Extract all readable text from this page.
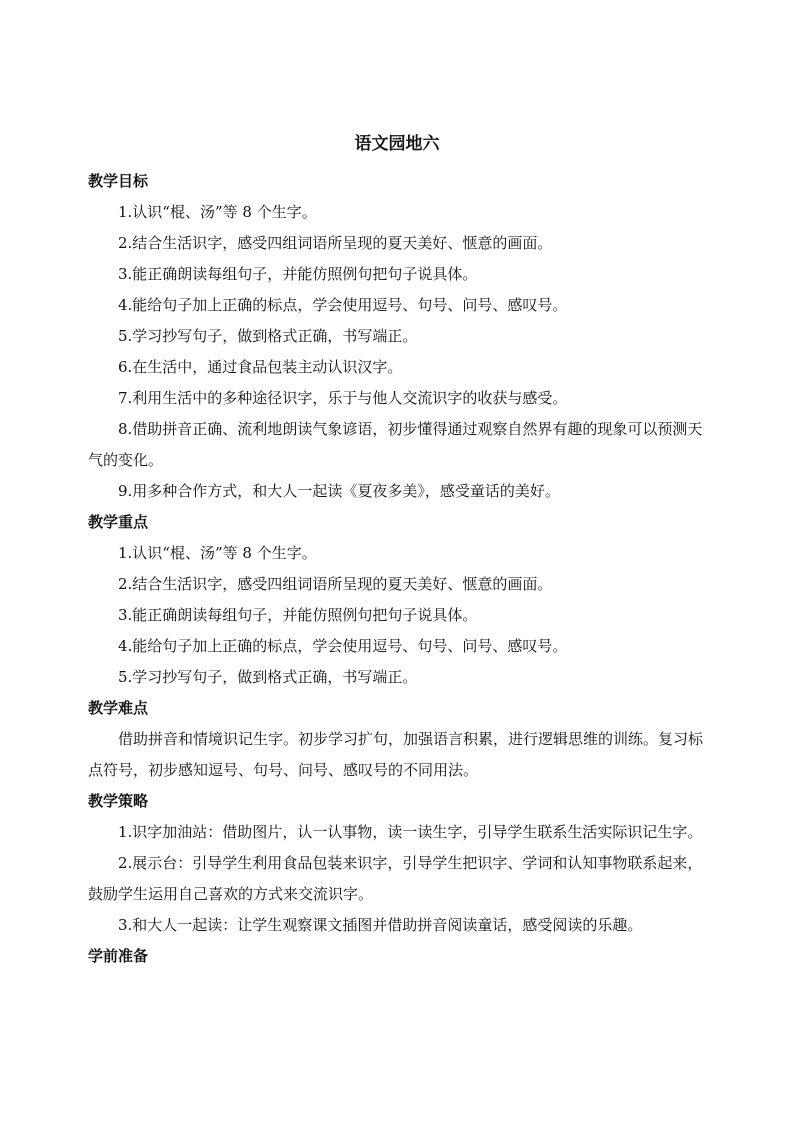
语文园地六
教学目标
1.认识“棍、汤”等 8 个生字。
2.结合生活识字，感受四组词语所呈现的夏天美好、惬意的画面。
3.能正确朗读每组句子，并能仿照例句把句子说具体。
4.能给句子加上正确的标点，学会使用逗号、句号、问号、感叹号。
5.学习抄写句子，做到格式正确，书写端正。
6.在生活中，通过食品包装主动认识汉字。
7.利用生活中的多种途径识字，乐于与他人交流识字的收获与感受。
8.借助拼音正确、流利地朗读气象谚语，初步懂得通过观察自然界有趣的现象可以预测天气的变化。
9.用多种合作方式，和大人一起读《夏夜多美》，感受童话的美好。
教学重点
1.认识“棍、汤”等 8 个生字。
2.结合生活识字，感受四组词语所呈现的夏天美好、惬意的画面。
3.能正确朗读每组句子，并能仿照例句把句子说具体。
4.能给句子加上正确的标点，学会使用逗号、句号、问号、感叹号。
5.学习抄写句子，做到格式正确，书写端正。
教学难点

借助拼音和情境识记生字。初步学习扩句，加强语言积累，进行逻辑思维的训练。复习标点符号，初步感知逗号、句号、问号、感叹号的不同用法。

教学策略
1.识字加油站：借助图片，认一认事物，读一读生字，引导学生联系生活实际识记生字。
2.展示台：引导学生利用食品包装来识字，引导学生把识字、学词和认知事物联系起来，鼓励学生运用自己喜欢的方式来交流识字。
3.和大人一起读：让学生观察课文插图并借助拼音阅读童话，感受阅读的乐趣。
学前准备
